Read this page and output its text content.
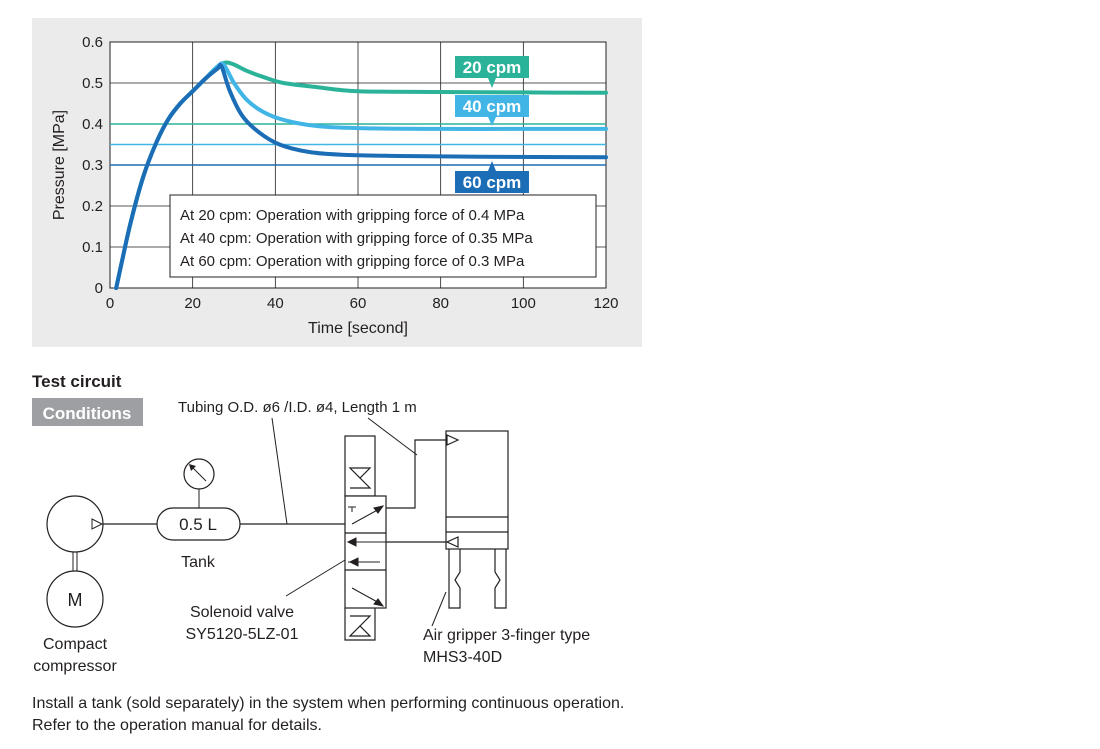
0	20	40	60	80	100	120
0
0.1
0.2
0.3
0.4
0.5
0.6
At 20 cpm: Operation with gripping force of 0.4 MPa
At 40 cpm: Operation with gripping force of 0.35 MPa
At 60 cpm: Operation with gripping force of 0.3 MPa
20 cpm
40 cpm
60 cpm
Time [second]
Pressure [MPa]
Test circuit
Conditions	Tubing O.D. ø6 /I.D. ø4, Length 1 m
M
Compact
compressor
0.5 L
Tank
Solenoid valve
SY5120-5LZ-01	Air gripper 3-finger type
MHS3-40D
Install a tank (sold separately) in the system when performing continuous operation.
Refer to the operation manual for details.
